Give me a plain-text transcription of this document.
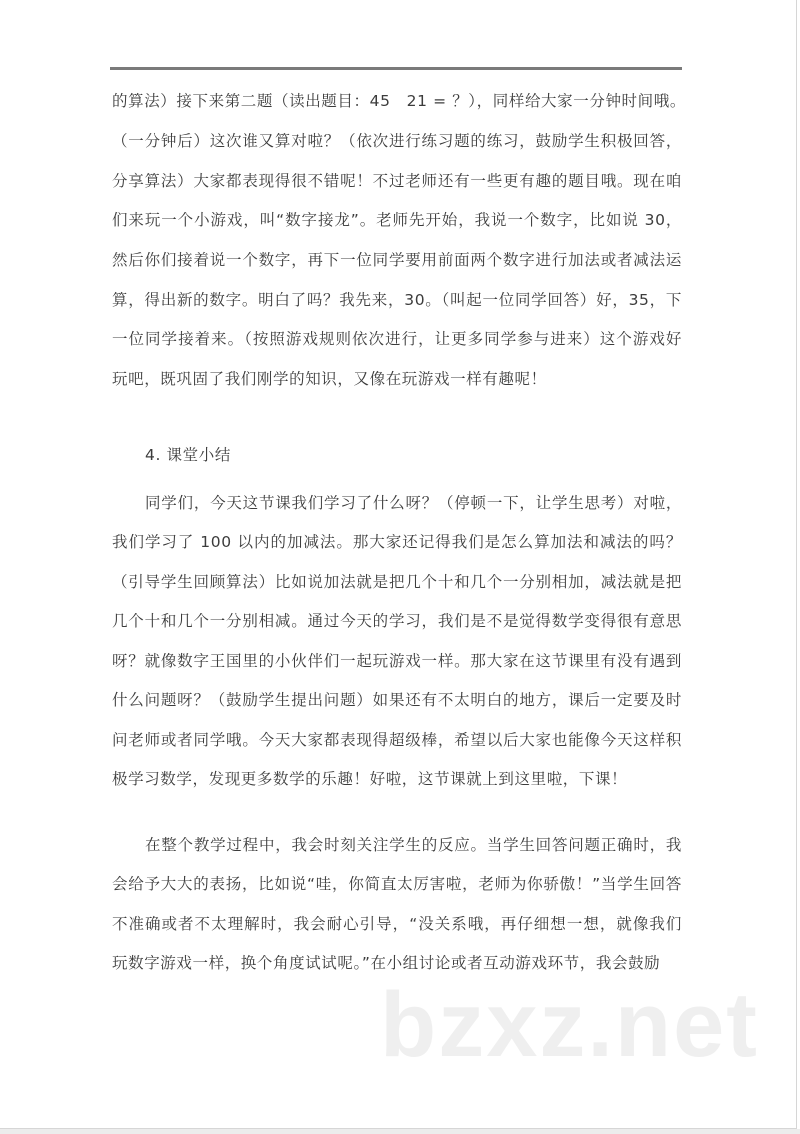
的算法）接下来第二题（读出题目：45　21 = ？），同样给大家一分钟时间哦。
（一分钟后）这次谁又算对啦？（依次进行练习题的练习，鼓励学生积极回答，
分享算法）大家都表现得很不错呢！不过老师还有一些更有趣的题目哦。现在咱
们来玩一个小游戏，叫“数字接龙”。老师先开始，我说一个数字，比如说 30，
然后你们接着说一个数字，再下一位同学要用前面两个数字进行加法或者减法运
算，得出新的数字。明白了吗？我先来，30。（叫起一位同学回答）好，35，下
一位同学接着来。（按照游戏规则依次进行，让更多同学参与进来）这个游戏好
玩吧，既巩固了我们刚学的知识，又像在玩游戏一样有趣呢！
4. 课堂小结
同学们，今天这节课我们学习了什么呀？（停顿一下，让学生思考）对啦，
我们学习了 100 以内的加减法。那大家还记得我们是怎么算加法和减法的吗？
（引导学生回顾算法）比如说加法就是把几个十和几个一分别相加，减法就是把
几个十和几个一分别相减。通过今天的学习，我们是不是觉得数学变得很有意思
呀？就像数字王国里的小伙伴们一起玩游戏一样。那大家在这节课里有没有遇到
什么问题呀？（鼓励学生提出问题）如果还有不太明白的地方，课后一定要及时
问老师或者同学哦。今天大家都表现得超级棒，希望以后大家也能像今天这样积
极学习数学，发现更多数学的乐趣！好啦，这节课就上到这里啦，下课！
在整个教学过程中，我会时刻关注学生的反应。当学生回答问题正确时，我
会给予大大的表扬，比如说“哇，你简直太厉害啦，老师为你骄傲！”当学生回答
不准确或者不太理解时，我会耐心引导，“没关系哦，再仔细想一想，就像我们
玩数字游戏一样，换个角度试试呢。”在小组讨论或者互动游戏环节，我会鼓励
bzxz.net
